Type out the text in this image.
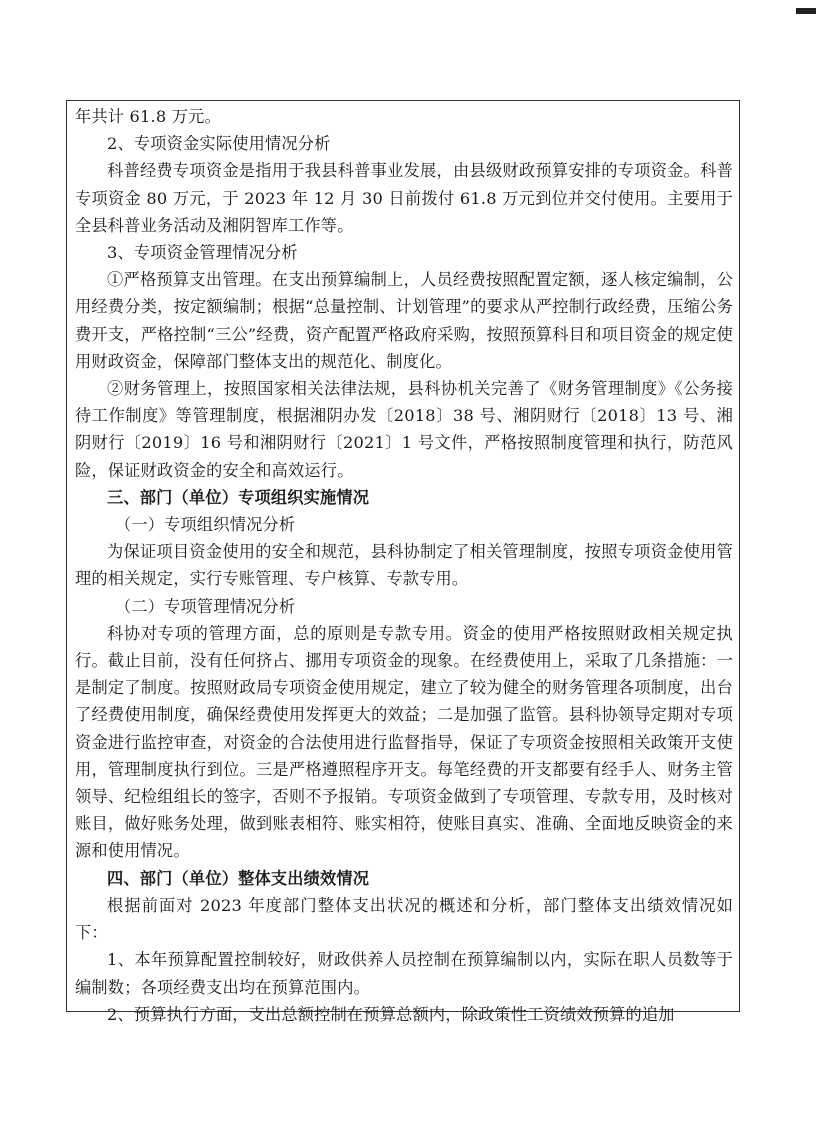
年共计 61.8 万元。

2、专项资金实际使用情况分析

科普经费专项资金是指用于我县科普事业发展，由县级财政预算安排的专项资金。科普专项资金 80 万元，于 2023 年 12 月 30 日前拨付 61.8 万元到位并交付使用。主要用于全县科普业务活动及湘阴智库工作等。

3、专项资金管理情况分析

①严格预算支出管理。在支出预算编制上，人员经费按照配置定额，逐人核定编制，公用经费分类，按定额编制；根据“总量控制、计划管理”的要求从严控制行政经费，压缩公务费开支，严格控制“三公”经费，资产配置严格政府采购，按照预算科目和项目资金的规定使用财政资金，保障部门整体支出的规范化、制度化。

②财务管理上，按照国家相关法律法规，县科协机关完善了《财务管理制度》《公务接待工作制度》等管理制度，根据湘阴办发〔2018〕38 号、湘阴财行〔2018〕13 号、湘阴财行〔2019〕16 号和湘阴财行〔2021〕1 号文件，严格按照制度管理和执行，防范风险，保证财政资金的安全和高效运行。

三、部门（单位）专项组织实施情况

（一）专项组织情况分析

为保证项目资金使用的安全和规范，县科协制定了相关管理制度，按照专项资金使用管理的相关规定，实行专账管理、专户核算、专款专用。

（二）专项管理情况分析

科协对专项的管理方面，总的原则是专款专用。资金的使用严格按照财政相关规定执行。截止目前，没有任何挤占、挪用专项资金的现象。在经费使用上，采取了几条措施：一是制定了制度。按照财政局专项资金使用规定，建立了较为健全的财务管理各项制度，出台了经费使用制度，确保经费使用发挥更大的效益；二是加强了监管。县科协领导定期对专项资金进行监控审查，对资金的合法使用进行监督指导，保证了专项资金按照相关政策开支使用，管理制度执行到位。三是严格遵照程序开支。每笔经费的开支都要有经手人、财务主管领导、纪检组组长的签字，否则不予报销。专项资金做到了专项管理、专款专用，及时核对账目，做好账务处理，做到账表相符、账实相符，使账目真实、准确、全面地反映资金的来源和使用情况。

四、部门（单位）整体支出绩效情况

根据前面对 2023 年度部门整体支出状况的概述和分析，部门整体支出绩效情况如下：

1、本年预算配置控制较好，财政供养人员控制在预算编制以内，实际在职人员数等于编制数；各项经费支出均在预算范围内。

2、预算执行方面，支出总额控制在预算总额内，除政策性工资绩效预算的追加
